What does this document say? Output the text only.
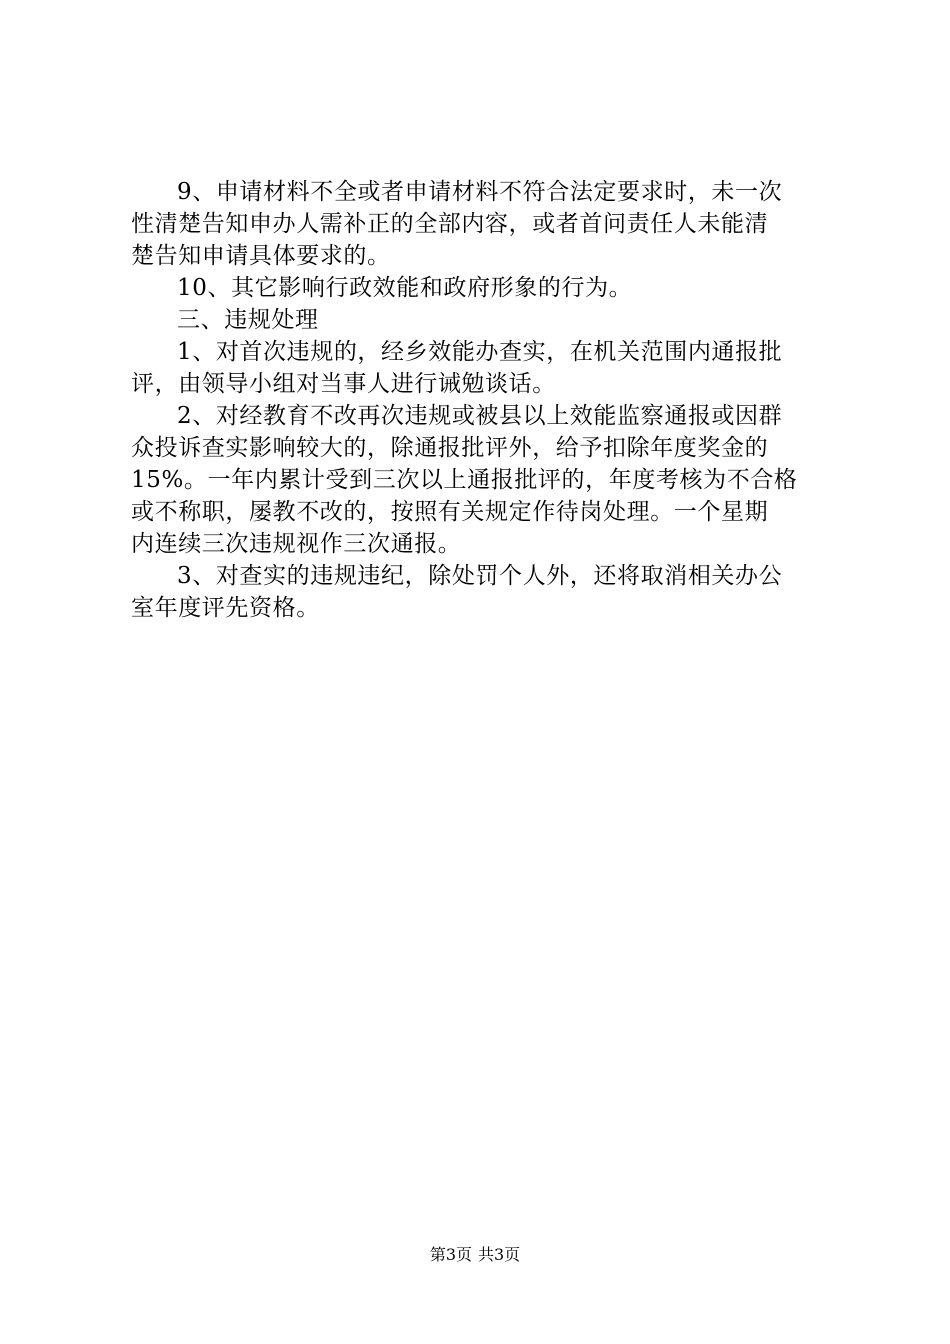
9、申请材料不全或者申请材料不符合法定要求时，未一次
性清楚告知申办人需补正的全部内容，或者首问责任人未能清
楚告知申请具体要求的。
10、其它影响行政效能和政府形象的行为。
三、违规处理
1、对首次违规的，经乡效能办查实，在机关范围内通报批
评，由领导小组对当事人进行诫勉谈话。
2、对经教育不改再次违规或被县以上效能监察通报或因群
众投诉查实影响较大的，除通报批评外，给予扣除年度奖金的
15%。一年内累计受到三次以上通报批评的，年度考核为不合格
或不称职，屡教不改的，按照有关规定作待岗处理。一个星期
内连续三次违规视作三次通报。
3、对查实的违规违纪，除处罚个人外，还将取消相关办公
室年度评先资格。
第3页 共3页
